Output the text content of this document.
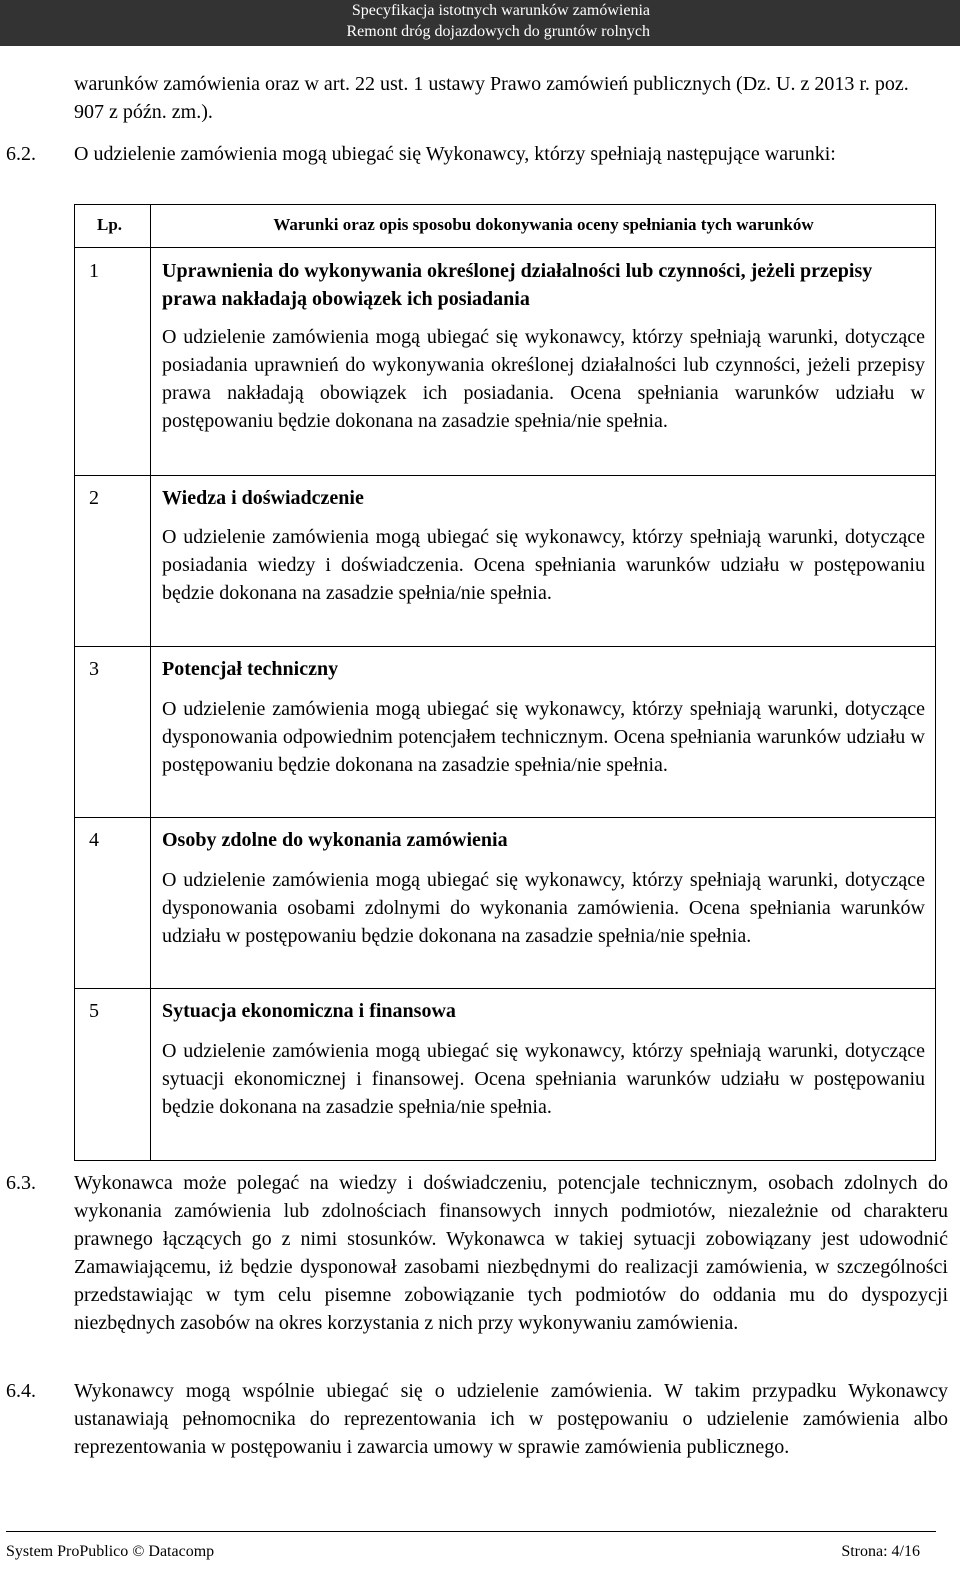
Specyfikacja istotnych warunków zamówienia
Remont dróg dojazdowych do gruntów rolnych
warunków zamówienia oraz w art. 22 ust. 1 ustawy Prawo zamówień publicznych (Dz. U. z 2013 r. poz. 907 z późn. zm.).
6.2. O udzielenie zamówienia mogą ubiegać się Wykonawcy, którzy spełniają następujące warunki:
Lp.	Warunki oraz opis sposobu dokonywania oceny spełniania tych warunków
1	Uprawnienia do wykonywania określonej działalności lub czynności, jeżeli przepisy prawa nakładają obowiązek ich posiadania
O udzielenie zamówienia mogą ubiegać się wykonawcy, którzy spełniają warunki, dotyczące posiadania uprawnień do wykonywania określonej działalności lub czynności, jeżeli przepisy prawa nakładają obowiązek ich posiadania. Ocena spełniania warunków udziału w postępowaniu będzie dokonana na zasadzie spełnia/nie spełnia.
2	Wiedza i doświadczenie
O udzielenie zamówienia mogą ubiegać się wykonawcy, którzy spełniają warunki, dotyczące posiadania wiedzy i doświadczenia. Ocena spełniania warunków udziału w postępowaniu będzie dokonana na zasadzie spełnia/nie spełnia.
3	Potencjał techniczny
O udzielenie zamówienia mogą ubiegać się wykonawcy, którzy spełniają warunki, dotyczące dysponowania odpowiednim potencjałem technicznym. Ocena spełniania warunków udziału w postępowaniu będzie dokonana na zasadzie spełnia/nie spełnia.
4	Osoby zdolne do wykonania zamówienia
O udzielenie zamówienia mogą ubiegać się wykonawcy, którzy spełniają warunki, dotyczące dysponowania osobami zdolnymi do wykonania zamówienia. Ocena spełniania warunków udziału w postępowaniu będzie dokonana na zasadzie spełnia/nie spełnia.
5	Sytuacja ekonomiczna i finansowa
O udzielenie zamówienia mogą ubiegać się wykonawcy, którzy spełniają warunki, dotyczące sytuacji ekonomicznej i finansowej. Ocena spełniania warunków udziału w postępowaniu będzie dokonana na zasadzie spełnia/nie spełnia.
6.3. Wykonawca może polegać na wiedzy i doświadczeniu, potencjale technicznym, osobach zdolnych do wykonania zamówienia lub zdolnościach finansowych innych podmiotów, niezależnie od charakteru prawnego łączących go z nimi stosunków. Wykonawca w takiej sytuacji zobowiązany jest udowodnić Zamawiającemu, iż będzie dysponował zasobami niezbędnymi do realizacji zamówienia, w szczególności przedstawiając w tym celu pisemne zobowiązanie tych podmiotów do oddania mu do dyspozycji niezbędnych zasobów na okres korzystania z nich przy wykonywaniu zamówienia.
6.4. Wykonawcy mogą wspólnie ubiegać się o udzielenie zamówienia. W takim przypadku Wykonawcy ustanawiają pełnomocnika do reprezentowania ich w postępowaniu o udzielenie zamówienia albo reprezentowania w postępowaniu i zawarcia umowy w sprawie zamówienia publicznego.
System ProPublico © Datacomp	Strona: 4/16
